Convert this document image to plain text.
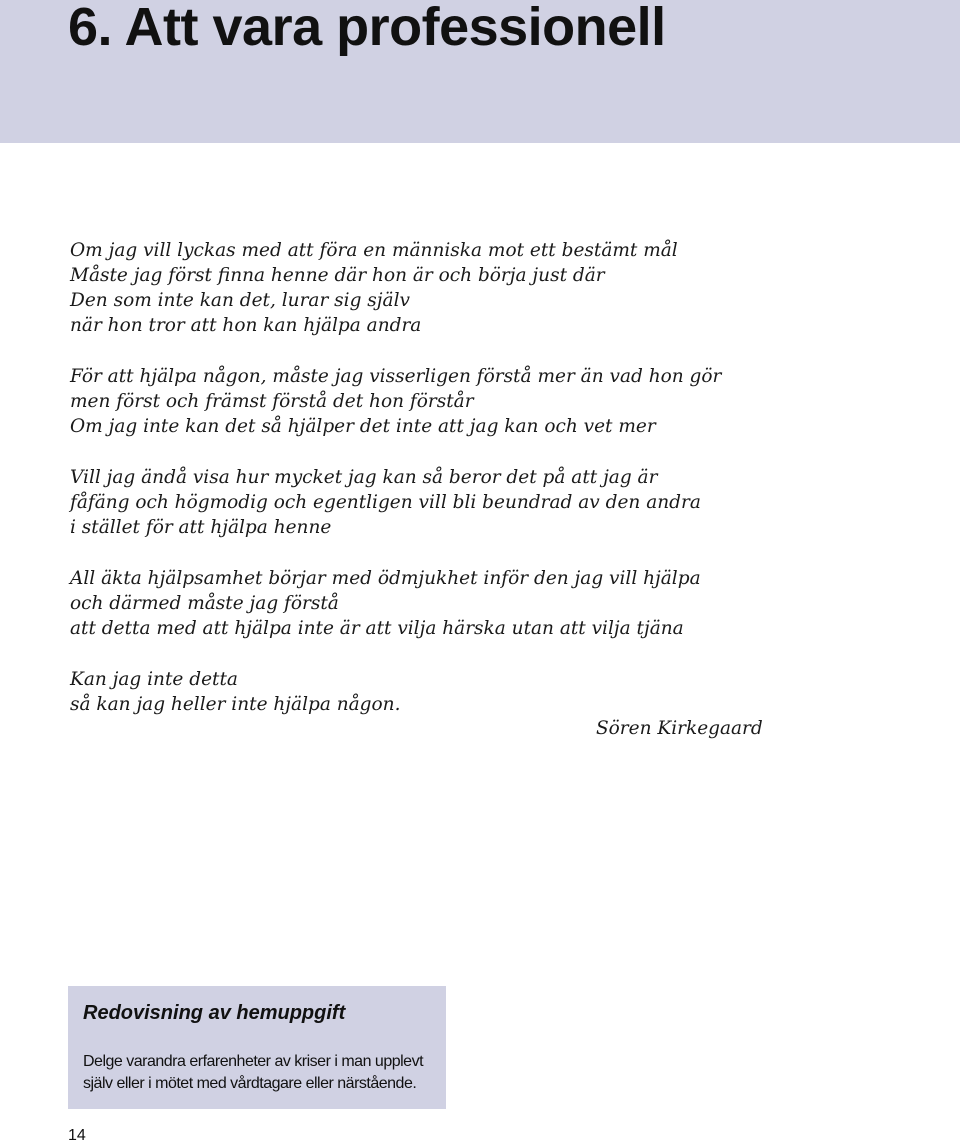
6. Att vara professionell
Om jag vill lyckas med att föra en människa mot ett bestämt mål
Måste jag först finna henne där hon är och börja just där
Den som inte kan det, lurar sig själv
när hon tror att hon kan hjälpa andra
För att hjälpa någon, måste jag visserligen förstå mer än vad hon gör
men först och främst förstå det hon förstår
Om jag inte kan det så hjälper det inte att jag kan och vet mer
Vill jag ändå visa hur mycket jag kan så beror det på att jag är
fåfäng och högmodig och egentligen vill bli beundrad av den andra
i stället för att hjälpa henne
All äkta hjälpsamhet börjar med ödmjukhet inför den jag vill hjälpa
och därmed måste jag förstå
att detta med att hjälpa inte är att vilja härska utan att vilja tjäna
Kan jag inte detta
så kan jag heller inte hjälpa någon.
Sören Kirkegaard
Redovisning av hemuppgift
Delge varandra erfarenheter av kriser i man upplevt
själv eller i mötet med vårdtagare eller närstående.
14
